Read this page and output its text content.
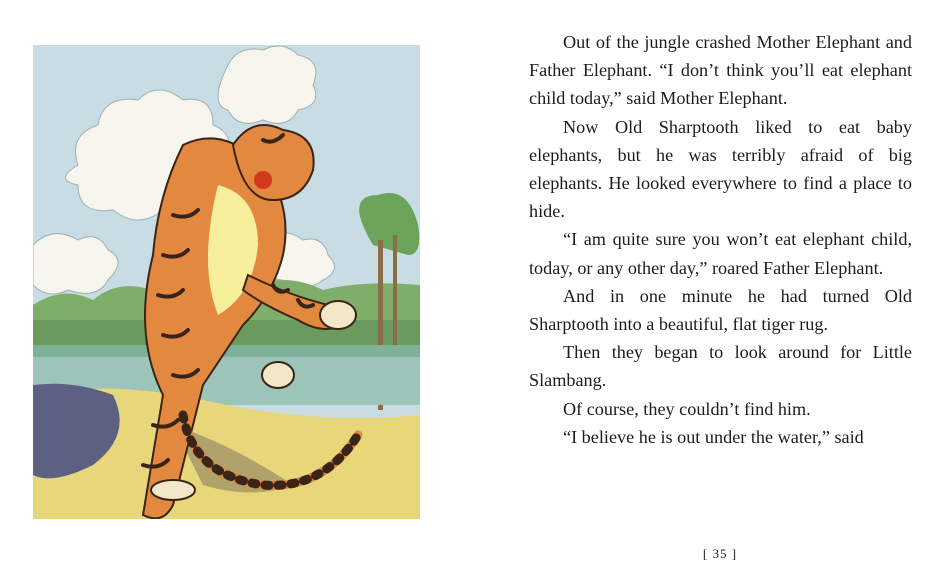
Out of the jungle crashed Mother Elephant and Father Elephant. “I don’t think you’ll eat elephant child today,” said Mother Elephant.

Now Old Sharptooth liked to eat baby elephants, but he was terribly afraid of big elephants. He looked everywhere to find a place to hide.

“I am quite sure you won’t eat elephant child, today, or any other day,” roared Father Elephant.

And in one minute he had turned Old Sharptooth into a beautiful, flat tiger rug.

Then they began to look around for Little Slambang.

Of course, they couldn’t find him.

“I believe he is out under the water,” said

[ 35 ]
